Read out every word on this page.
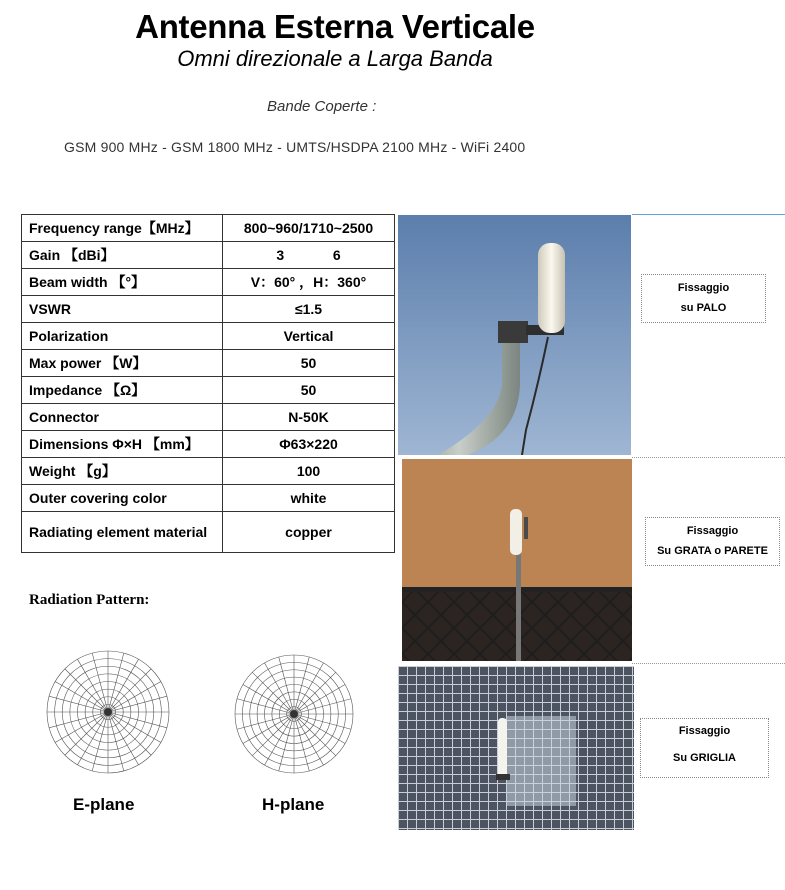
Antenna Esterna Verticale
Omni direzionale a Larga Banda
Bande Coperte :
GSM 900 MHz - GSM 1800 MHz - UMTS/HSDPA 2100 MHz - WiFi 2400
Frequency range【MHz】	800~960/1710~2500
Gain 【dBi】	3 6

Beam width 【°】	V：60° ，H：360°
VSWR	≤1.5
Polarization	Vertical
Max power 【W】	50
Impedance 【Ω】	50
Connector	N-50K
Dimensions Φ×H 【mm】	Φ63×220
Weight 【g】	100
Outer covering color	white
Radiating element material	copper
Radiation Pattern:
E-plane	H-plane
Fissaggio
su PALO
Fissaggio
Su GRATA o PARETE
Fissaggio
Su GRIGLIA
